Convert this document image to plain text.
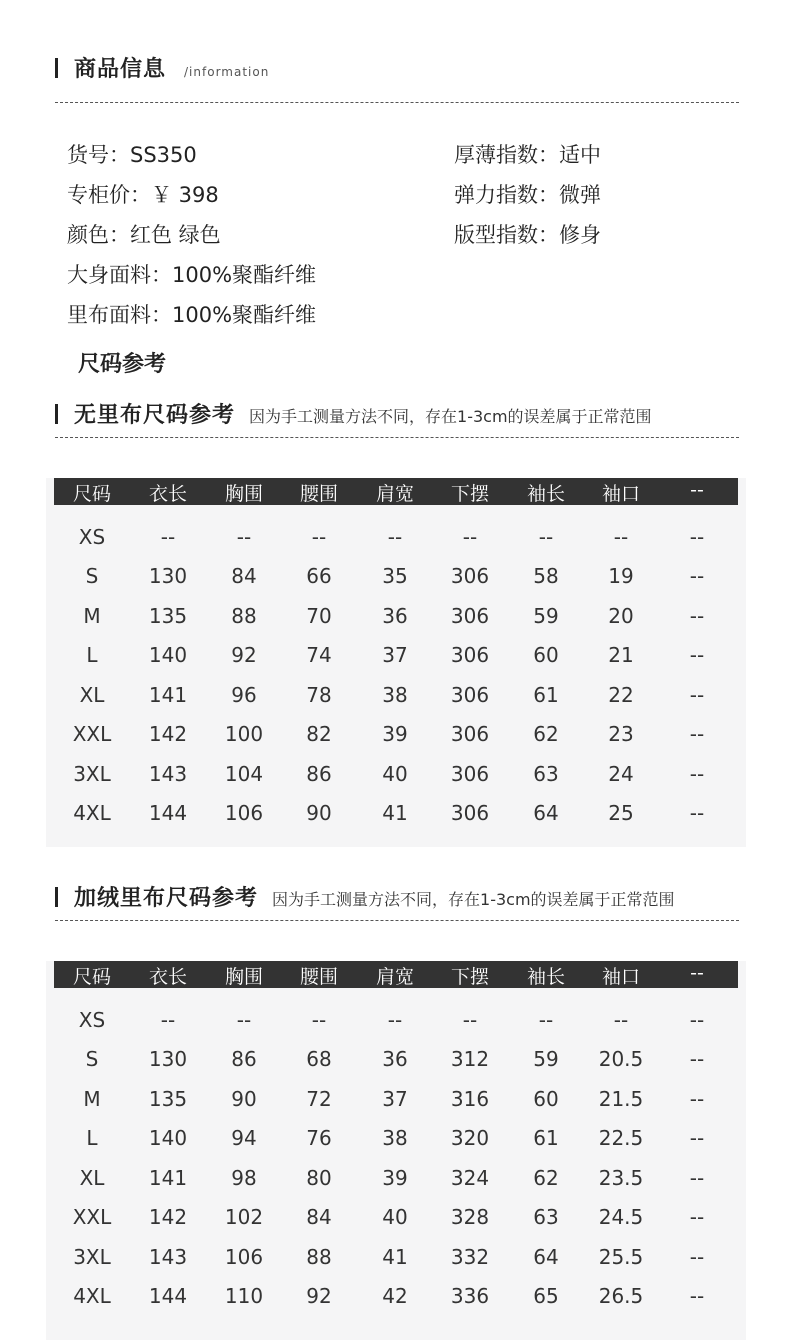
商品信息 /information
货号：SS350
专柜价：￥ 398
颜色：红色 绿色
大身面料：100%聚酯纤维
里布面料：100%聚酯纤维
厚薄指数：适中
弹力指数：微弹
版型指数：修身
尺码参考
无里布尺码参考 因为手工测量方法不同，存在1-3cm的误差属于正常范围
尺码	衣长	胸围	腰围	肩宽	下摆	袖长	袖口	--
XS	--	--	--	--	--	--	--	--
S	130	84	66	35	306	58	19	--
M	135	88	70	36	306	59	20	--
L	140	92	74	37	306	60	21	--
XL	141	96	78	38	306	61	22	--
XXL	142	100	82	39	306	62	23	--
3XL	143	104	86	40	306	63	24	--
4XL	144	106	90	41	306	64	25	--
加绒里布尺码参考 因为手工测量方法不同，存在1-3cm的误差属于正常范围
尺码	衣长	胸围	腰围	肩宽	下摆	袖长	袖口	--
XS	--	--	--	--	--	--	--	--
S	130	86	68	36	312	59	20.5	--
M	135	90	72	37	316	60	21.5	--
L	140	94	76	38	320	61	22.5	--
XL	141	98	80	39	324	62	23.5	--
XXL	142	102	84	40	328	63	24.5	--
3XL	143	106	88	41	332	64	25.5	--
4XL	144	110	92	42	336	65	26.5	--
